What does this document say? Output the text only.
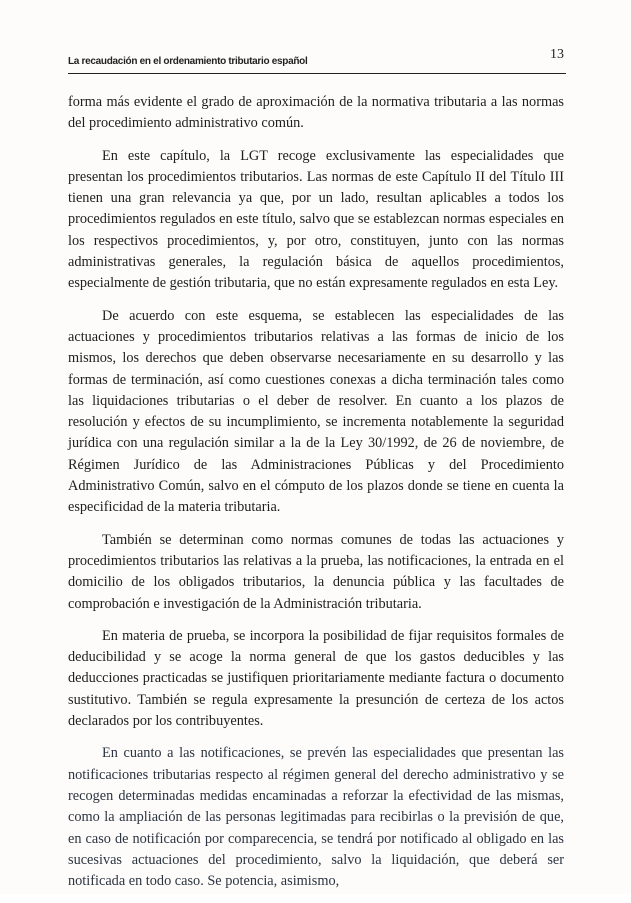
La recaudación en el ordenamiento tributario español	13

forma más evidente el grado de aproximación de la normativa tributaria a las normas del procedimiento administrativo común.

En este capítulo, la LGT recoge exclusivamente las especialidades que presentan los procedimientos tributarios. Las normas de este Capítulo II del Título III tienen una gran relevancia ya que, por un lado, resultan aplicables a todos los procedimientos regulados en este título, salvo que se establezcan normas especiales en los respectivos procedimientos, y, por otro, constituyen, junto con las normas administrativas generales, la regulación básica de aquellos procedimientos, especialmente de gestión tributaria, que no están expresamente regulados en esta Ley.

De acuerdo con este esquema, se establecen las especialidades de las actuaciones y procedimientos tributarios relativas a las formas de inicio de los mismos, los derechos que deben observarse necesariamente en su desarrollo y las formas de terminación, así como cuestiones conexas a dicha terminación tales como las liquidaciones tributarias o el deber de resolver. En cuanto a los plazos de resolución y efectos de su incumplimiento, se incrementa notablemente la seguridad jurídica con una regulación similar a la de la Ley 30/1992, de 26 de noviembre, de Régimen Jurídico de las Administraciones Públicas y del Procedimiento Administrativo Común, salvo en el cómputo de los plazos donde se tiene en cuenta la especificidad de la materia tributaria.

También se determinan como normas comunes de todas las actuaciones y procedimientos tributarios las relativas a la prueba, las notificaciones, la entrada en el domicilio de los obligados tributarios, la denuncia pública y las facultades de comprobación e investigación de la Administración tributaria.

En materia de prueba, se incorpora la posibilidad de fijar requisitos formales de deducibilidad y se acoge la norma general de que los gastos deducibles y las deducciones practicadas se justifiquen prioritariamente mediante factura o documento sustitutivo. También se regula expresamente la presunción de certeza de los actos declarados por los contribuyentes.

En cuanto a las notificaciones, se prevén las especialidades que presentan las notificaciones tributarias respecto al régimen general del derecho administrativo y se recogen determinadas medidas encaminadas a reforzar la efectividad de las mismas, como la ampliación de las personas legitimadas para recibirlas o la previsión de que, en caso de notificación por comparecencia, se tendrá por notificado al obligado en las sucesivas actuaciones del procedimiento, salvo la liquidación, que deberá ser notificada en todo caso. Se potencia, asimismo,
